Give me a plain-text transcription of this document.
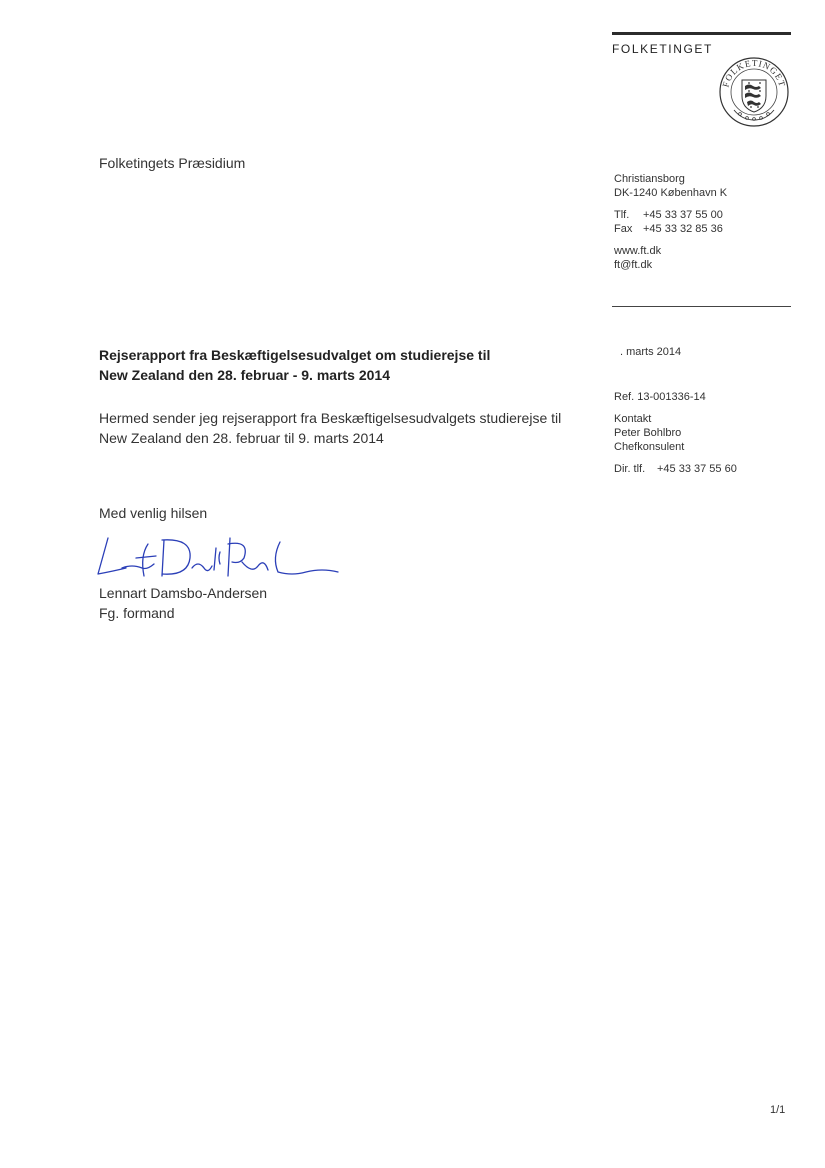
FOLKETINGET
FOLKETINGET
Folketingets Præsidium
Christiansborg
DK-1240 København K
Tlf.	+45 33 37 55 00
Fax +45 33 32 85 36
www.ft.dk
ft@ft.dk
. marts 2014
Ref. 13-001336-14
Kontakt
Peter Bohlbro
Chefkonsulent
Dir. tlf.	+45 33 37 55 60
Rejserapport fra Beskæftigelsesudvalget om studierejse til
New Zealand den 28. februar - 9. marts 2014
Hermed sender jeg rejserapport fra Beskæftigelsesudvalgets studierejse til
New Zealand den 28. februar til 9. marts 2014
Med venlig hilsen
Lennart Damsbo-Andersen
Fg. formand
1/1
